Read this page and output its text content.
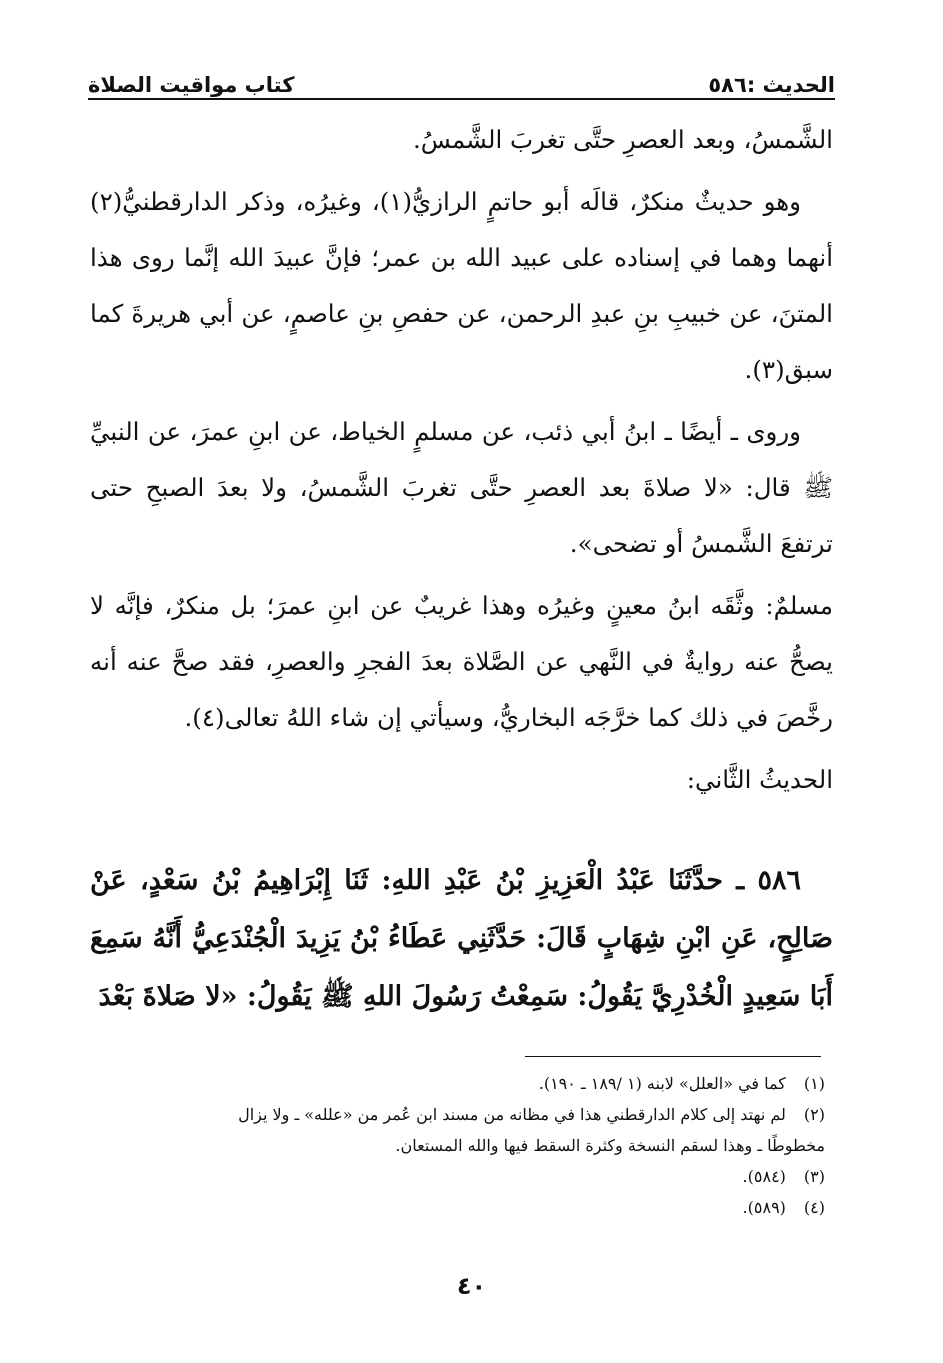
الحديث :٥٨٦
كتاب مواقيت الصلاة

الشَّمسُ، وبعد العصرِ حتَّى تغربَ الشَّمسُ.

وهو حديثٌ منكرٌ، قالَه أبو حاتمٍ الرازيُّ(١)، وغيرُه، وذكر الدارقطنيُّ(٢) أنهما وهما في إسناده على عبيد الله بن عمر؛ فإنَّ عبيدَ الله إنَّما روى هذا المتنَ، عن خبيبِ بنِ عبدِ الرحمن، عن حفصِ بنِ عاصمٍ، عن أبي هريرةَ كما سبق(٣).

وروى ـ أيضًا ـ ابنُ أبي ذئب، عن مسلمٍ الخياط، عن ابنِ عمرَ، عن النبيِّ ﷺ قال: «لا صلاةَ بعد العصرِ حتَّى تغربَ الشَّمسُ، ولا بعدَ الصبحِ حتى ترتفعَ الشَّمسُ أو تضحى».

مسلمٌ: وثَّقَه ابنُ معينٍ وغيرُه وهذا غريبٌ عن ابنِ عمرَ؛ بل منكرٌ، فإنَّه لا يصحُّ عنه روايةٌ في النَّهي عن الصَّلاة بعدَ الفجرِ والعصرِ، فقد صحَّ عنه أنه رخَّصَ في ذلك كما خرَّجَه البخاريُّ، وسيأتي إن شاء اللهُ تعالى(٤).

الحديثُ الثَّاني:

٥٨٦ ـ حدَّثَنَا عَبْدُ الْعَزِيزِ بْنُ عَبْدِ اللهِ: ثَنَا إِبْرَاهِيمُ بْنُ سَعْدٍ، عَنْ صَالِحٍ، عَنِ ابْنِ شِهَابٍ قَالَ: حَدَّثَنِي عَطَاءُ بْنُ يَزِيدَ الْجُنْدَعِيُّ أَنَّهُ سَمِعَ أَبَا سَعِيدٍ الْخُدْرِيَّ يَقُولُ: سَمِعْتُ رَسُولَ اللهِ ﷺ يَقُولُ: «لا صَلاةَ بَعْدَ

(١) كما في «العلل» لابنه (١ /١٨٩ ـ ١٩٠).

(٢) لم نهتد إلى كلام الدارقطني هذا في مظانه من مسند ابن عُمر من «علله» ـ ولا يزال

مخطوطًا ـ وهذا لسقم النسخة وكثرة السقط فيها والله المستعان.

(٣) (٥٨٤).

(٤) (٥٨٩).

٤٠
